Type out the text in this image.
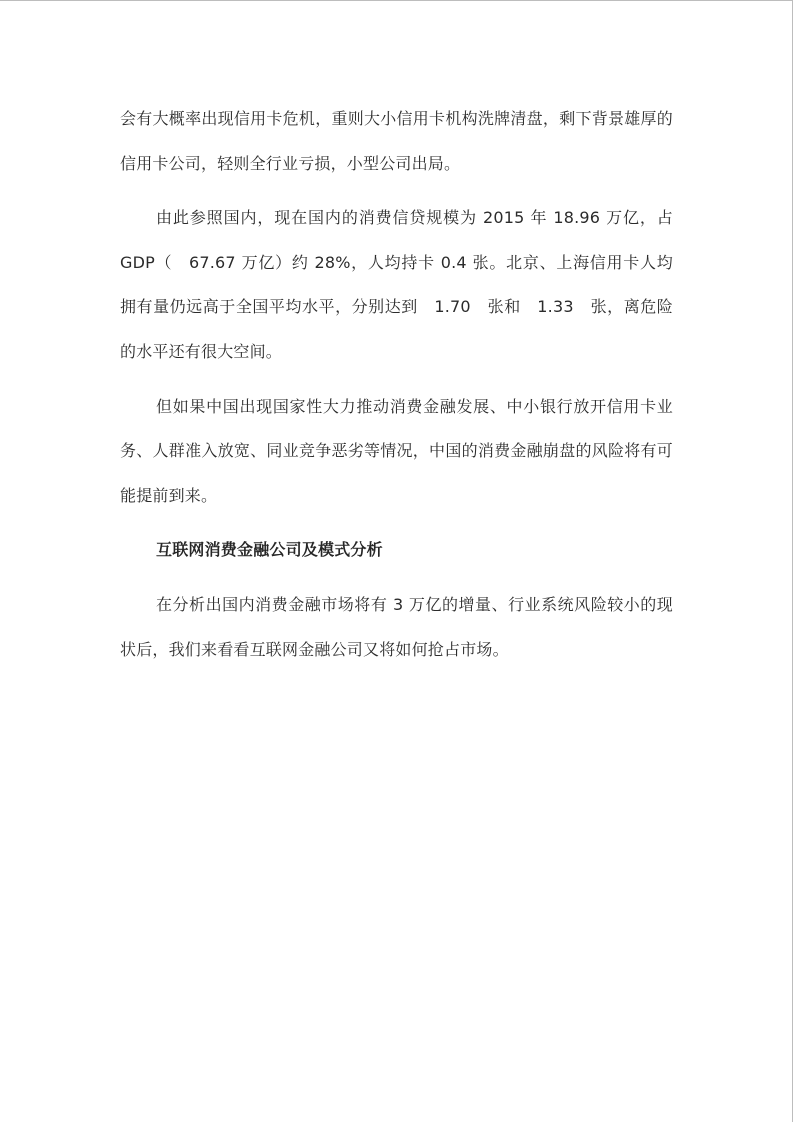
会有大概率出现信用卡危机，重则大小信用卡机构洗牌清盘，剩下背景雄厚的信用卡公司，轻则全行业亏损，小型公司出局。

由此参照国内，现在国内的消费信贷规模为 2015 年 18.96 万亿，占 GDP（　67.67 万亿）约 28%，人均持卡 0.4 张。北京、上海信用卡人均拥有量仍远高于全国平均水平，分别达到　1.70　张和　1.33　张，离危险的水平还有很大空间。

但如果中国出现国家性大力推动消费金融发展、中小银行放开信用卡业务、人群准入放宽、同业竞争恶劣等情况，中国的消费金融崩盘的风险将有可能提前到来。

互联网消费金融公司及模式分析

在分析出国内消费金融市场将有 3 万亿的增量、行业系统风险较小的现状后，我们来看看互联网金融公司又将如何抢占市场。
